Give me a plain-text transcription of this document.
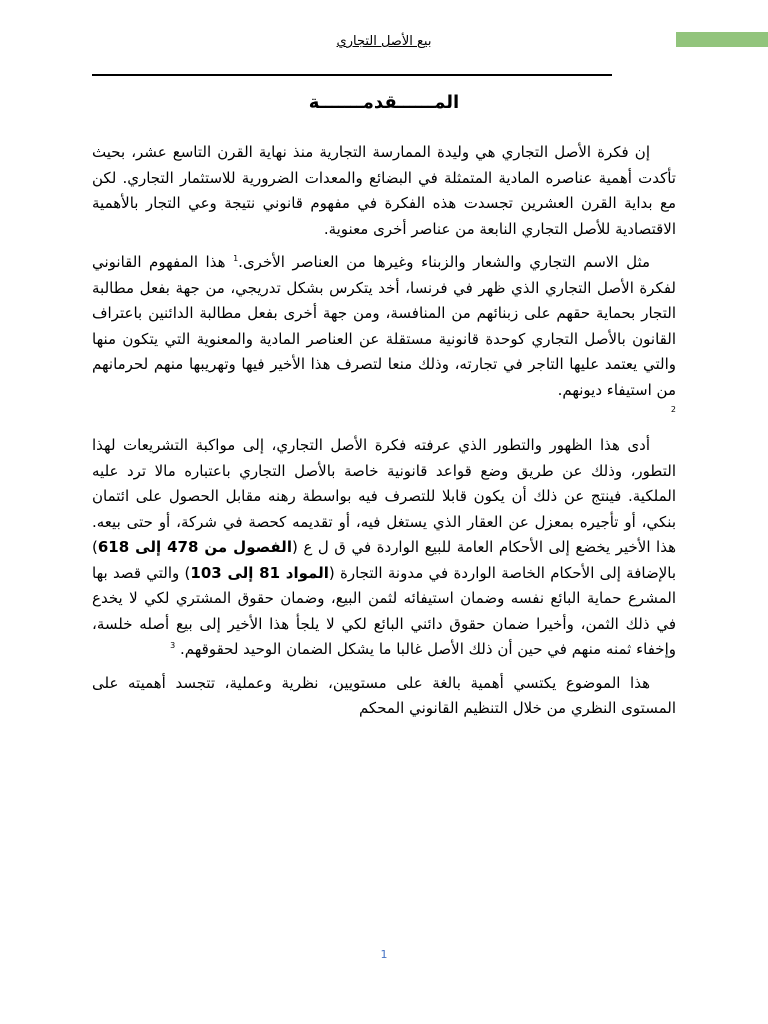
بيع الأصل التجاري
المــــــقدمـــــــة

إن فكرة الأصل التجاري هي وليدة الممارسة التجارية منذ نهاية القرن التاسع عشر، بحيث تأكدت أهمية عناصره المادية المتمثلة في البضائع والمعدات الضرورية للاستثمار التجاري. لكن مع بداية القرن العشرين تجسدت هذه الفكرة في مفهوم قانوني نتيجة وعي التجار بالأهمية الاقتصادية للأصل التجاري النابعة من عناصر أخرى معنوية.

مثل الاسم التجاري والشعار والزبناء وغيرها من العناصر الأخرى.$^1$ هذا المفهوم القانوني لفكرة الأصل التجاري الذي ظهر في فرنسا، أخد يتكرس بشكل تدريجي، من جهة بفعل مطالبة التجار بحماية حقهم على زبنائهم من المنافسة، ومن جهة أخرى بفعل مطالبة الدائنين باعتراف القانون بالأصل التجاري كوحدة قانونية مستقلة عن العناصر المادية والمعنوية التي يتكون منها والتي يعتمد عليها التاجر في تجارته، وذلك منعا لتصرف هذا الأخير فيها وتهريبها منهم لحرمانهم من استيفاء ديونهم.

2

أدى هذا الظهور والتطور الذي عرفته فكرة الأصل التجاري، إلى مواكبة التشريعات لهذا التطور، وذلك عن طريق وضع قواعد قانونية خاصة بالأصل التجاري باعتباره مالا ترد عليه الملكية. فينتج عن ذلك أن يكون قابلا للتصرف فيه بواسطة رهنه مقابل الحصول على ائتمان بنكي، أو تأجيره بمعزل عن العقار الذي يستغل فيه، أو تقديمه كحصة في شركة، أو حتى بيعه. هذا الأخير يخضع إلى الأحكام العامة للبيع الواردة في ق ل ع (الفصول من 478 إلى 618) بالإضافة إلى الأحكام الخاصة الواردة في مدونة التجارة (المواد 81 إلى 103) والتي قصد بها المشرع حماية البائع نفسه وضمان استيفائه لثمن البيع، وضمان حقوق المشتري لكي لا يخدع في ذلك الثمن، وأخيرا ضمان حقوق دائني البائع لكي لا يلجأ هذا الأخير إلى بيع أصله خلسة، وإخفاء ثمنه منهم في حين أن ذلك الأصل غالبا ما يشكل الضمان الوحيد لحقوقهم. $^3$

هذا الموضوع يكتسي أهمية بالغة على مستويين، نظرية وعملية، تتجسد أهميته على المستوى النظري من خلال التنظيم القانوني المحكم

1
